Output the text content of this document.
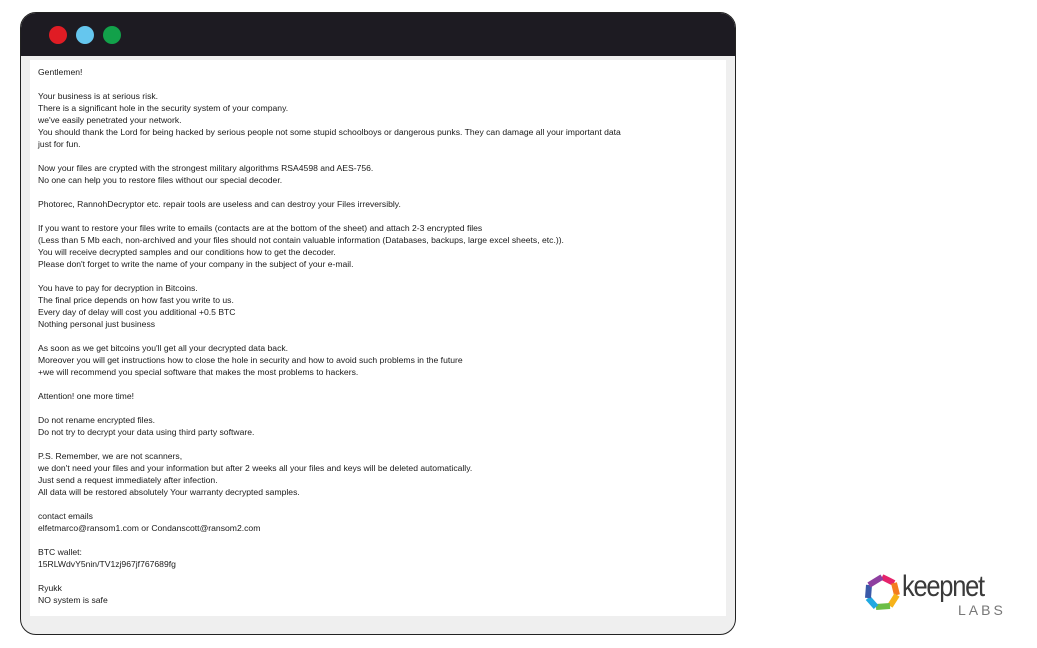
Gentlemen!
Your business is at serious risk.
There is a significant hole in the security system of your company.
we've easily penetrated your network.
You should thank the Lord for being hacked by serious people not some stupid schoolboys or dangerous punks. They can damage all your important data
just for fun.
Now your files are crypted with the strongest military algorithms RSA4598 and AES-756.
No one can help you to restore files without our special decoder.
Photorec, RannohDecryptor etc. repair tools are useless and can destroy your Files irreversibly.
If you want to restore your files write to emails (contacts are at the bottom of the sheet) and attach 2-3 encrypted files
(Less than 5 Mb each, non-archived and your files should not contain valuable information (Databases, backups, large excel sheets, etc.)).
You will receive decrypted samples and our conditions how to get the decoder.
Please don't forget to write the name of your company in the subject of your e-mail.
You have to pay for decryption in Bitcoins.
The final price depends on how fast you write to us.
Every day of delay will cost you additional +0.5 BTC
Nothing personal just business
As soon as we get bitcoins you'll get all your decrypted data back.
Moreover you will get instructions how to close the hole in security and how to avoid such problems in the future
+we will recommend you special software that makes the most problems to hackers.
Attention! one more time!
Do not rename encrypted files.
Do not try to decrypt your data using third party software.
P.S. Remember, we are not scanners,
we don't need your files and your information but after 2 weeks all your files and keys will be deleted automatically.
Just send a request immediately after infection.
All data will be restored absolutely Your warranty decrypted samples.
contact emails
elfetmarco@ransom1.com or Condanscott@ransom2.com
BTC wallet:
15RLWdvY5nin/TV1zj967jf767689fg
Ryukk
NO system is safe	keepnet
LABS
